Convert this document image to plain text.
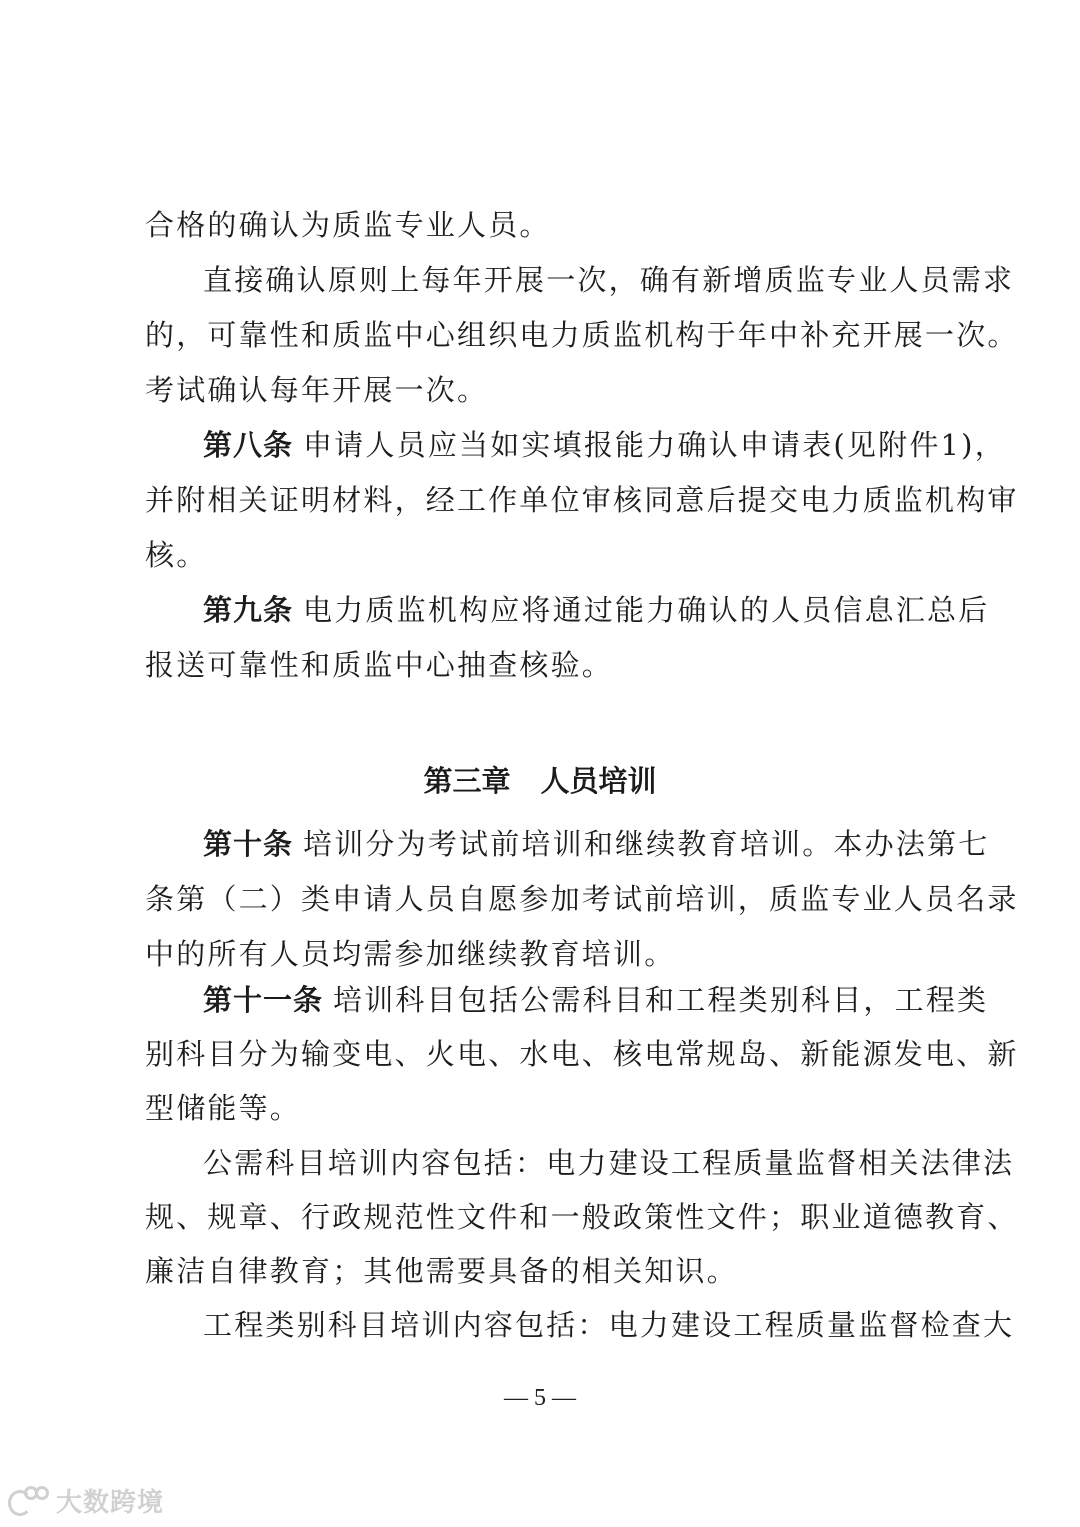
合格的确认为质监专业人员。
直接确认原则上每年开展一次，确有新增质监专业人员需求
的，可靠性和质监中心组织电力质监机构于年中补充开展一次。
考试确认每年开展一次。
第八条 申请人员应当如实填报能力确认申请表(见附件1)，
并附相关证明材料，经工作单位审核同意后提交电力质监机构审
核。
第九条 电力质监机构应将通过能力确认的人员信息汇总后
报送可靠性和质监中心抽查核验。
第三章 人员培训
第十条 培训分为考试前培训和继续教育培训。本办法第七
条第（二）类申请人员自愿参加考试前培训，质监专业人员名录
中的所有人员均需参加继续教育培训。
第十一条 培训科目包括公需科目和工程类别科目，工程类
别科目分为输变电、火电、水电、核电常规岛、新能源发电、新
型储能等。
公需科目培训内容包括：电力建设工程质量监督相关法律法
规、规章、行政规范性文件和一般政策性文件；职业道德教育、
廉洁自律教育；其他需要具备的相关知识。
工程类别科目培训内容包括：电力建设工程质量监督检查大
— 5 —
大数跨境
